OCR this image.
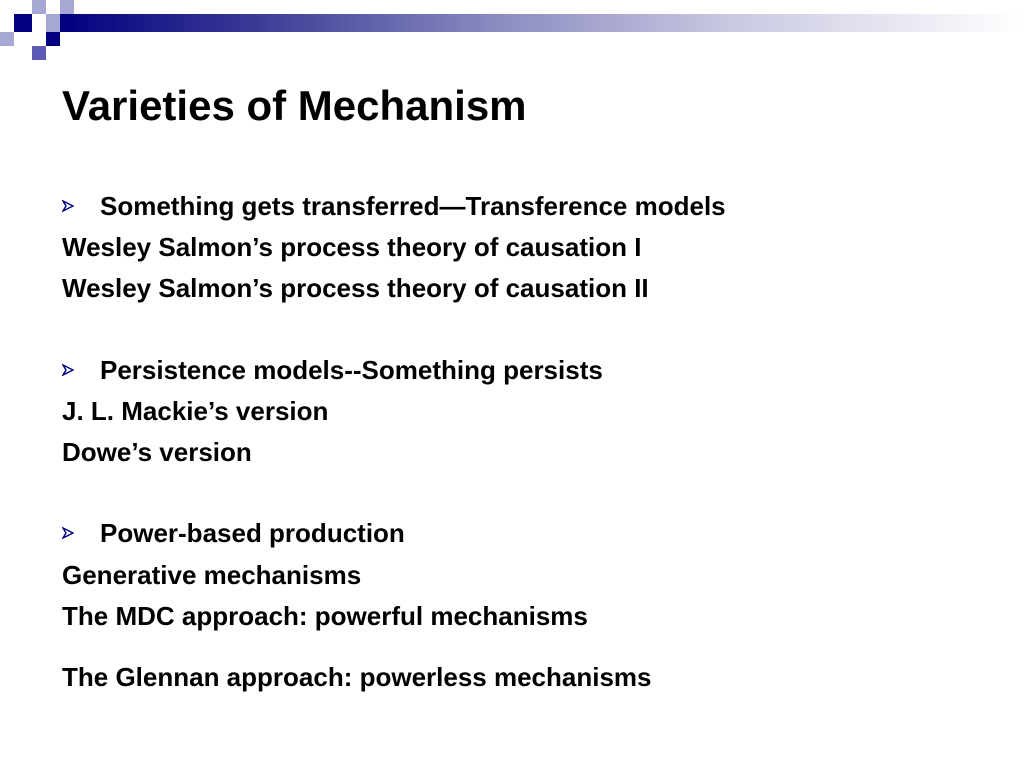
Varieties of Mechanism
Something gets transferred—Transference models
Wesley Salmon’s process theory of causation I
Wesley Salmon’s process theory of causation II
Persistence models--Something persists
J. L. Mackie’s version
Dowe’s version
Power-based production
Generative mechanisms
The MDC approach: powerful mechanisms
The Glennan approach: powerless mechanisms
